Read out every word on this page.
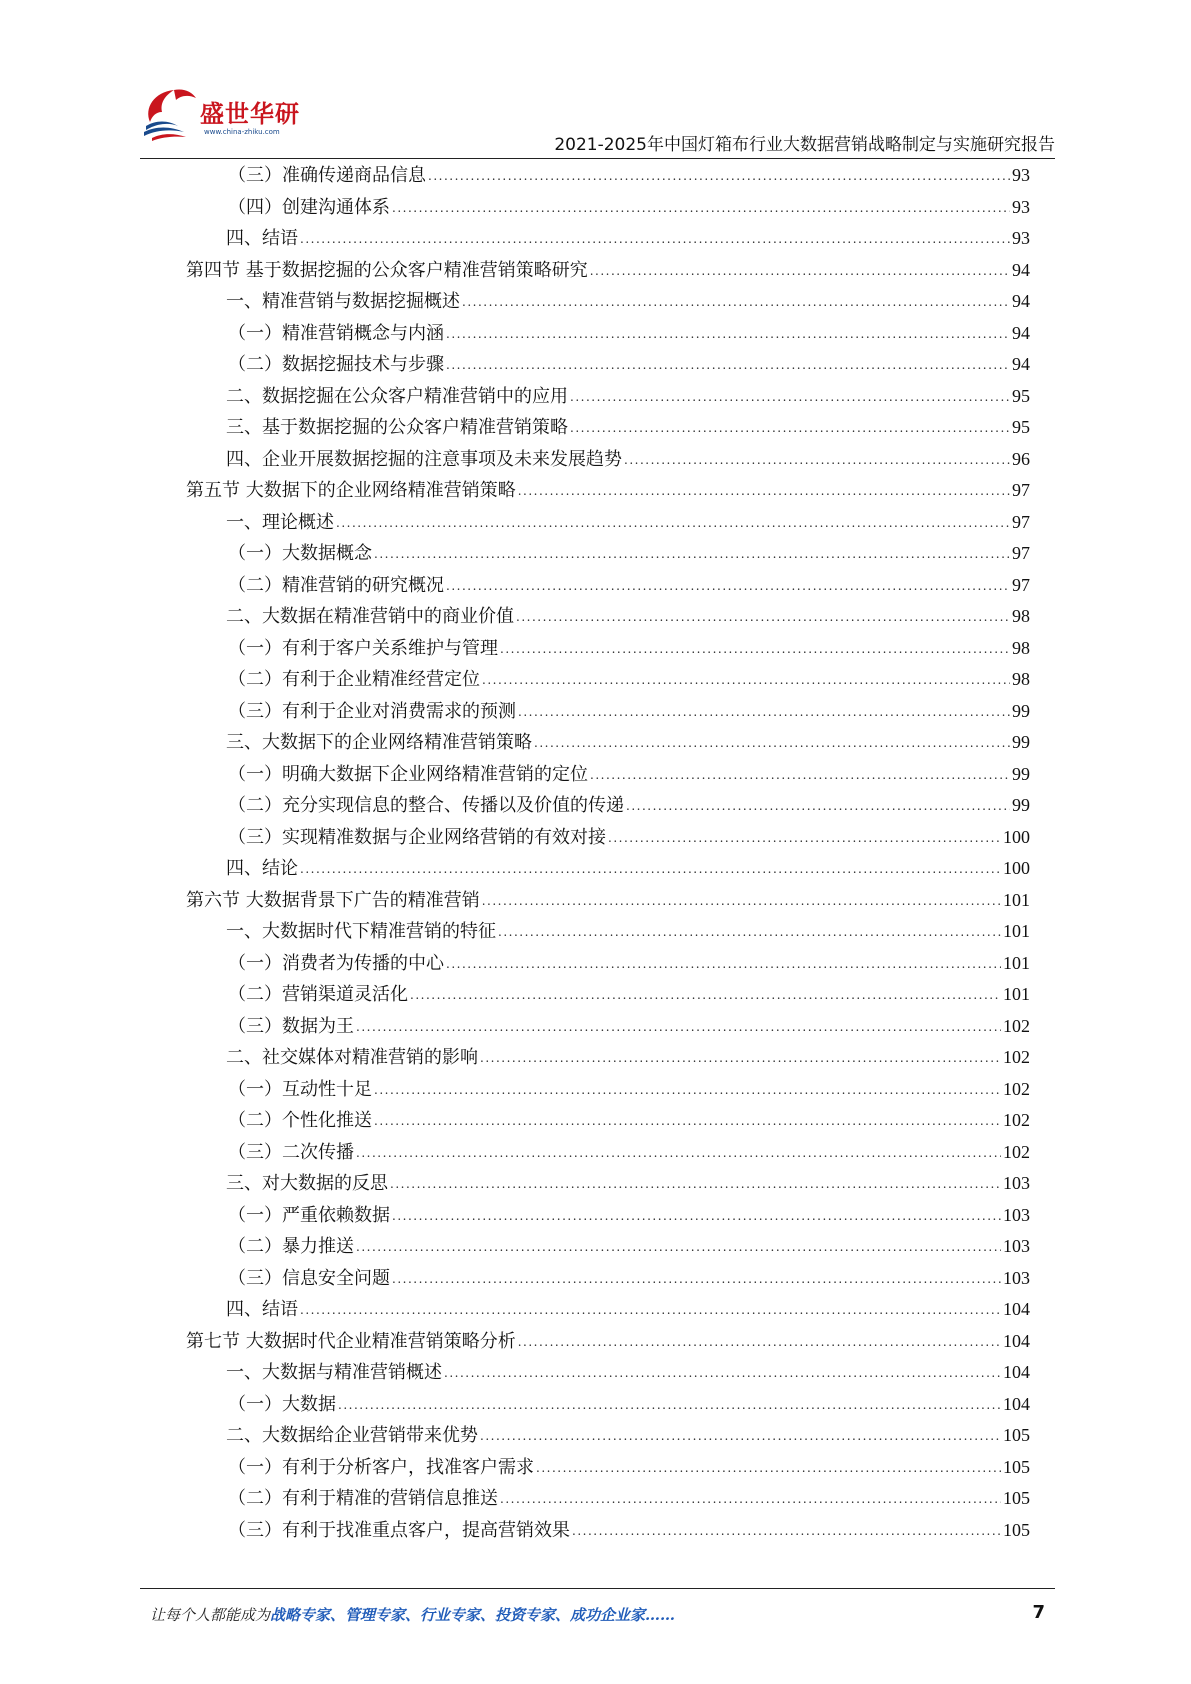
盛世华研
www.china-zhiku.com
2021-2025年中国灯箱布行业大数据营销战略制定与实施研究报告
（三）准确传递商品信息 .....	93
（四）创建沟通体系 .....	93
四、结语 .....	93
第四节 基于数据挖掘的公众客户精准营销策略研究 .....	94
一、精准营销与数据挖掘概述 .....	94
（一）精准营销概念与内涵 .....	94
（二）数据挖掘技术与步骤 .....	94
二、数据挖掘在公众客户精准营销中的应用 .....	95
三、基于数据挖掘的公众客户精准营销策略 .....	95
四、企业开展数据挖掘的注意事项及未来发展趋势 .....	96
第五节 大数据下的企业网络精准营销策略 .....	97
一、理论概述 .....	97
（一）大数据概念 .....	97
（二）精准营销的研究概况 .....	97
二、大数据在精准营销中的商业价值 .....	98
（一）有利于客户关系维护与管理 .....	98
（二）有利于企业精准经营定位 .....	98
（三）有利于企业对消费需求的预测 .....	99
三、大数据下的企业网络精准营销策略 .....	99
（一）明确大数据下企业网络精准营销的定位 .....	99
（二）充分实现信息的整合、传播以及价值的传递 .....	99
（三）实现精准数据与企业网络营销的有效对接 .....	100
四、结论 .....	100
第六节 大数据背景下广告的精准营销 .....	101
一、大数据时代下精准营销的特征 .....	101
（一）消费者为传播的中心 .....	101
（二）营销渠道灵活化 .....	101
（三）数据为王 .....	102
二、社交媒体对精准营销的影响 .....	102
（一）互动性十足 .....	102
（二）个性化推送 .....	102
（三）二次传播 .....	102
三、对大数据的反思 .....	103
（一）严重依赖数据 .....	103
（二）暴力推送 .....	103
（三）信息安全问题 .....	103
四、结语 .....	104
第七节 大数据时代企业精准营销策略分析 .....	104
一、大数据与精准营销概述 .....	104
（一）大数据 .....	104
二、大数据给企业营销带来优势 .....	105
（一）有利于分析客户，找准客户需求 .....	105
（二）有利于精准的营销信息推送 .....	105
（三）有利于找准重点客户，提高营销效果 .....	105
让每个人都能成为战略专家、管理专家、行业专家、投资专家、成功企业家……	7
